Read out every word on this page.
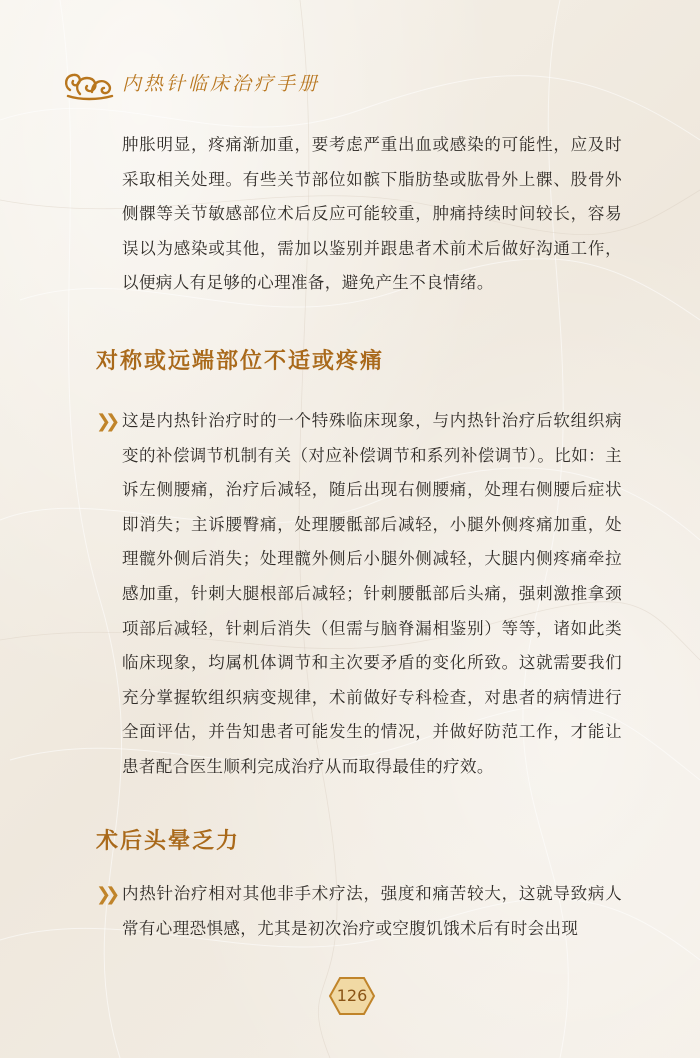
内热针临床治疗手册
肿胀明显，疼痛渐加重，要考虑严重出血或感染的可能性，应及时采取相关处理。有些关节部位如髌下脂肪垫或肱骨外上髁、股骨外侧髁等关节敏感部位术后反应可能较重，肿痛持续时间较长，容易误以为感染或其他，需加以鉴别并跟患者术前术后做好沟通工作，以便病人有足够的心理准备，避免产生不良情绪。
对称或远端部位不适或疼痛
❯❯ 这是内热针治疗时的一个特殊临床现象，与内热针治疗后软组织病变的补偿调节机制有关（对应补偿调节和系列补偿调节）。比如：主诉左侧腰痛，治疗后减轻，随后出现右侧腰痛，处理右侧腰后症状即消失；主诉腰臀痛，处理腰骶部后减轻，小腿外侧疼痛加重，处理髋外侧后消失；处理髋外侧后小腿外侧减轻，大腿内侧疼痛牵拉感加重，针刺大腿根部后减轻；针刺腰骶部后头痛，强刺激推拿颈项部后减轻，针刺后消失（但需与脑脊漏相鉴别）等等，诸如此类临床现象，均属机体调节和主次要矛盾的变化所致。这就需要我们充分掌握软组织病变规律，术前做好专科检查，对患者的病情进行全面评估，并告知患者可能发生的情况，并做好防范工作，才能让患者配合医生顺利完成治疗从而取得最佳的疗效。
术后头晕乏力
❯❯ 内热针治疗相对其他非手术疗法，强度和痛苦较大，这就导致病人常有心理恐惧感，尤其是初次治疗或空腹饥饿术后有时会出现
126
